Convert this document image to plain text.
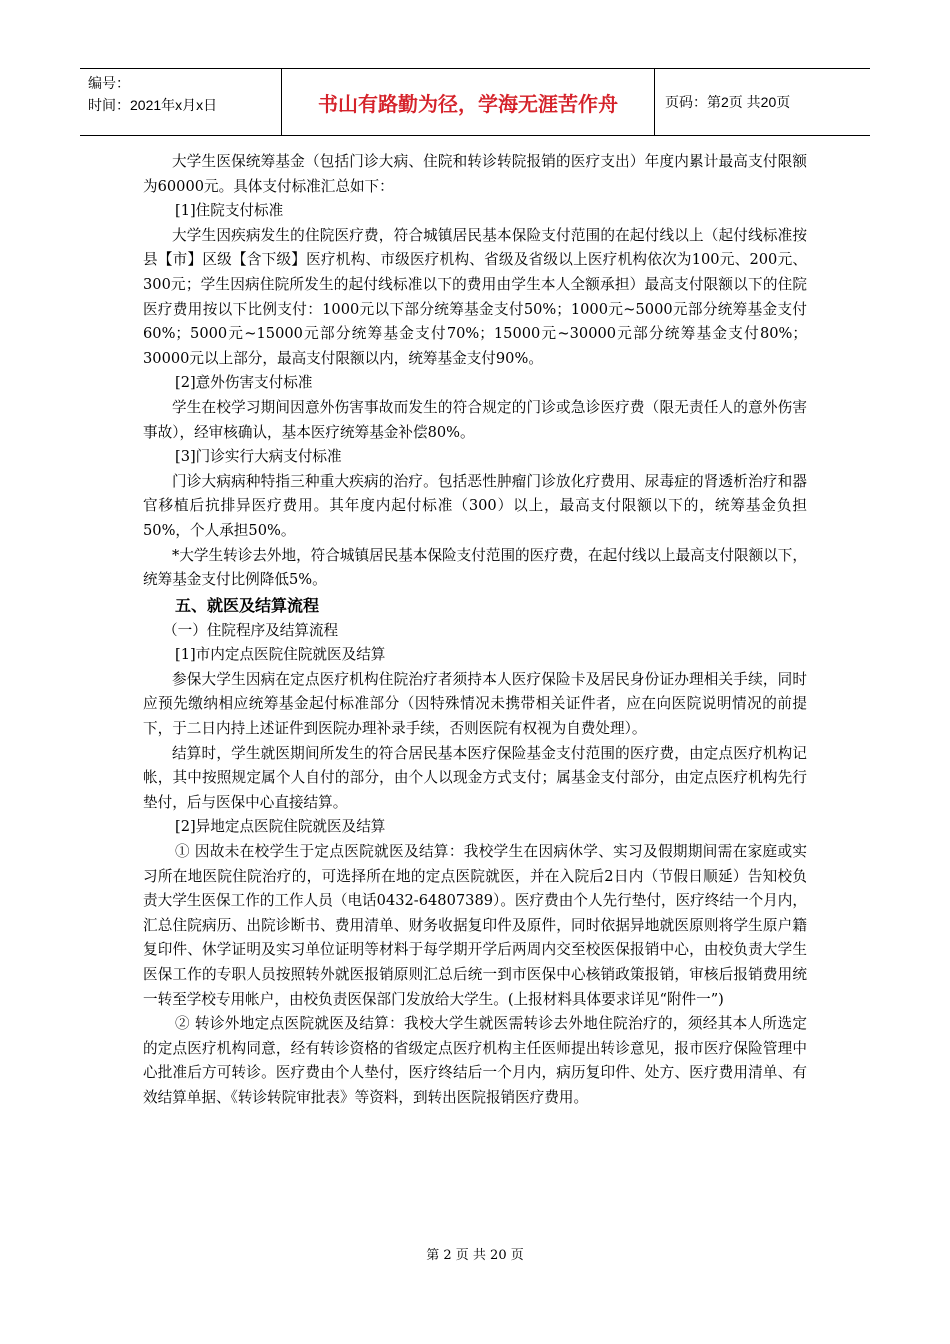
编号：
时间：2021年x月x日	书山有路勤为径，学海无涯苦作舟	页码：第2页 共20页

大学生医保统筹基金（包括门诊大病、住院和转诊转院报销的医疗支出）年度内累计最高支付限额为60000元。具体支付标准汇总如下：

[1]住院支付标准

大学生因疾病发生的住院医疗费，符合城镇居民基本保险支付范围的在起付线以上（起付线标准按县【市】区级【含下级】医疗机构、市级医疗机构、省级及省级以上医疗机构依次为100元、200元、300元；学生因病住院所发生的起付线标准以下的费用由学生本人全额承担）最高支付限额以下的住院医疗费用按以下比例支付：1000元以下部分统筹基金支付50%；1000元~5000元部分统筹基金支付60%；5000元~15000元部分统筹基金支付70%；15000元~30000元部分统筹基金支付80%；30000元以上部分，最高支付限额以内，统筹基金支付90%。

[2]意外伤害支付标准

学生在校学习期间因意外伤害事故而发生的符合规定的门诊或急诊医疗费（限无责任人的意外伤害事故），经审核确认，基本医疗统筹基金补偿80%。

[3]门诊实行大病支付标准

门诊大病病种特指三种重大疾病的治疗。包括恶性肿瘤门诊放化疗费用、尿毒症的肾透析治疗和器官移植后抗排异医疗费用。其年度内起付标准（300）以上，最高支付限额以下的，统筹基金负担50%，个人承担50%。

*大学生转诊去外地，符合城镇居民基本保险支付范围的医疗费，在起付线以上最高支付限额以下，统筹基金支付比例降低5%。

五、就医及结算流程

（一）住院程序及结算流程

[1]市内定点医院住院就医及结算

参保大学生因病在定点医疗机构住院治疗者须持本人医疗保险卡及居民身份证办理相关手续，同时应预先缴纳相应统筹基金起付标准部分（因特殊情况未携带相关证件者，应在向医院说明情况的前提下，于二日内持上述证件到医院办理补录手续，否则医院有权视为自费处理）。

结算时，学生就医期间所发生的符合居民基本医疗保险基金支付范围的医疗费，由定点医疗机构记帐，其中按照规定属个人自付的部分，由个人以现金方式支付；属基金支付部分，由定点医疗机构先行垫付，后与医保中心直接结算。

[2]异地定点医院住院就医及结算

① 因故未在校学生于定点医院就医及结算：我校学生在因病休学、实习及假期期间需在家庭或实习所在地医院住院治疗的，可选择所在地的定点医院就医，并在入院后2日内（节假日顺延）告知校负责大学生医保工作的工作人员（电话0432-64807389）。医疗费由个人先行垫付，医疗终结一个月内，汇总住院病历、出院诊断书、费用清单、财务收据复印件及原件，同时依据异地就医原则将学生原户籍复印件、休学证明及实习单位证明等材料于每学期开学后两周内交至校医保报销中心，由校负责大学生医保工作的专职人员按照转外就医报销原则汇总后统一到市医保中心核销政策报销，审核后报销费用统一转至学校专用帐户，由校负责医保部门发放给大学生。(上报材料具体要求详见“附件一”)

② 转诊外地定点医院就医及结算：我校大学生就医需转诊去外地住院治疗的，须经其本人所选定的定点医疗机构同意，经有转诊资格的省级定点医疗机构主任医师提出转诊意见，报市医疗保险管理中心批准后方可转诊。医疗费由个人垫付，医疗终结后一个月内，病历复印件、处方、医疗费用清单、有效结算单据、《转诊转院审批表》等资料，到转出医院报销医疗费用。

第 2 页 共 20 页
